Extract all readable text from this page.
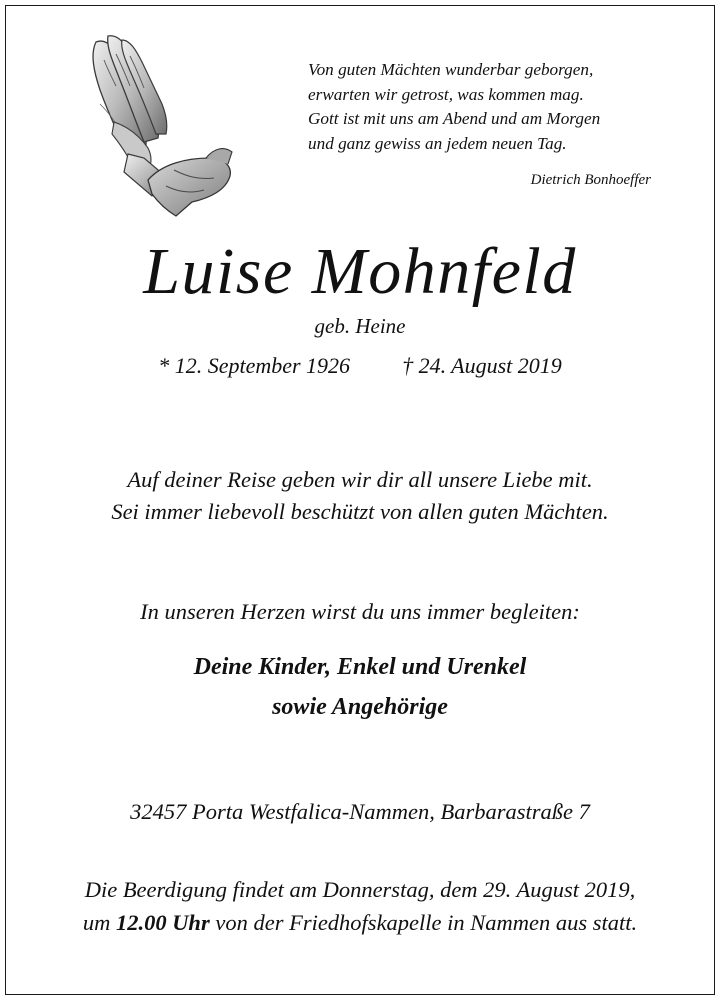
Von guten Mächten wunderbar geborgen,
erwarten wir getrost, was kommen mag.
Gott ist mit uns am Abend und am Morgen
und ganz gewiss an jedem neuen Tag.
Dietrich Bonhoeffer
Luise Mohnfeld
geb. Heine
* 12. September 1926 † 24. August 2019
Auf deiner Reise geben wir dir all unsere Liebe mit.
Sei immer liebevoll beschützt von allen guten Mächten.
In unseren Herzen wirst du uns immer begleiten:
Deine Kinder, Enkel und Urenkel
sowie Angehörige
32457 Porta Westfalica-Nammen, Barbarastraße 7
Die Beerdigung findet am Donnerstag, dem 29. August 2019,
um 12.00 Uhr von der Friedhofskapelle in Nammen aus statt.
